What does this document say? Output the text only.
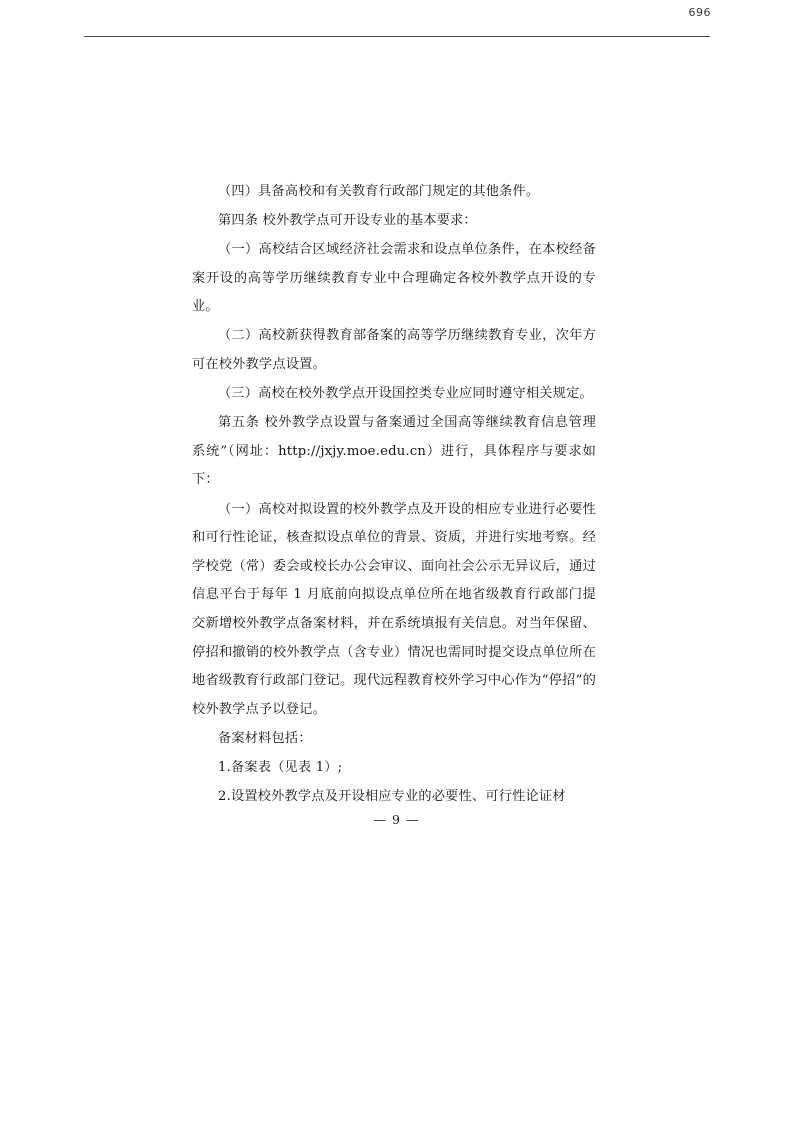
696

（四）具备高校和有关教育行政部门规定的其他条件。

第四条 校外教学点可开设专业的基本要求：

（一）高校结合区域经济社会需求和设点单位条件，在本校经备案开设的高等学历继续教育专业中合理确定各校外教学点开设的专业。

（二）高校新获得教育部备案的高等学历继续教育专业，次年方可在校外教学点设置。

（三）高校在校外教学点开设国控类专业应同时遵守相关规定。

第五条 校外教学点设置与备案通过全国高等继续教育信息管理系统”（网址：http://jxjy.moe.edu.cn）进行，具体程序与要求如下：

（一）高校对拟设置的校外教学点及开设的相应专业进行必要性和可行性论证，核查拟设点单位的背景、资质，并进行实地考察。经学校党（常）委会或校长办公会审议、面向社会公示无异议后，通过信息平台于每年 1 月底前向拟设点单位所在地省级教育行政部门提交新增校外教学点备案材料，并在系统填报有关信息。对当年保留、停招和撤销的校外教学点（含专业）情况也需同时提交设点单位所在地省级教育行政部门登记。现代远程教育校外学习中心作为“停招”的校外教学点予以登记。

备案材料包括：

1.备案表（见表 1）;

2.设置校外教学点及开设相应专业的必要性、可行性论证材

— 9 —
